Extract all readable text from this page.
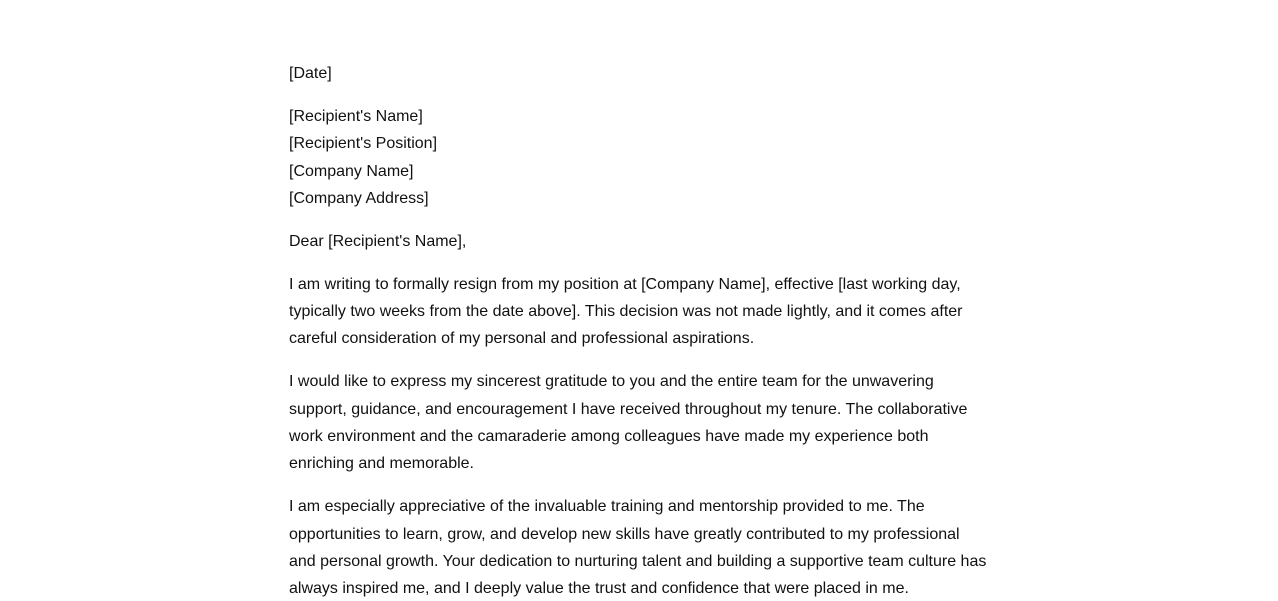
[Date]
[Recipient's Name]
[Recipient's Position]
[Company Name]
[Company Address]
Dear [Recipient's Name],
I am writing to formally resign from my position at [Company Name], effective [last working day,
typically two weeks from the date above]. This decision was not made lightly, and it comes after
careful consideration of my personal and professional aspirations.
I would like to express my sincerest gratitude to you and the entire team for the unwavering
support, guidance, and encouragement I have received throughout my tenure. The collaborative
work environment and the camaraderie among colleagues have made my experience both
enriching and memorable.
I am especially appreciative of the invaluable training and mentorship provided to me. The
opportunities to learn, grow, and develop new skills have greatly contributed to my professional
and personal growth. Your dedication to nurturing talent and building a supportive team culture has
always inspired me, and I deeply value the trust and confidence that were placed in me.
